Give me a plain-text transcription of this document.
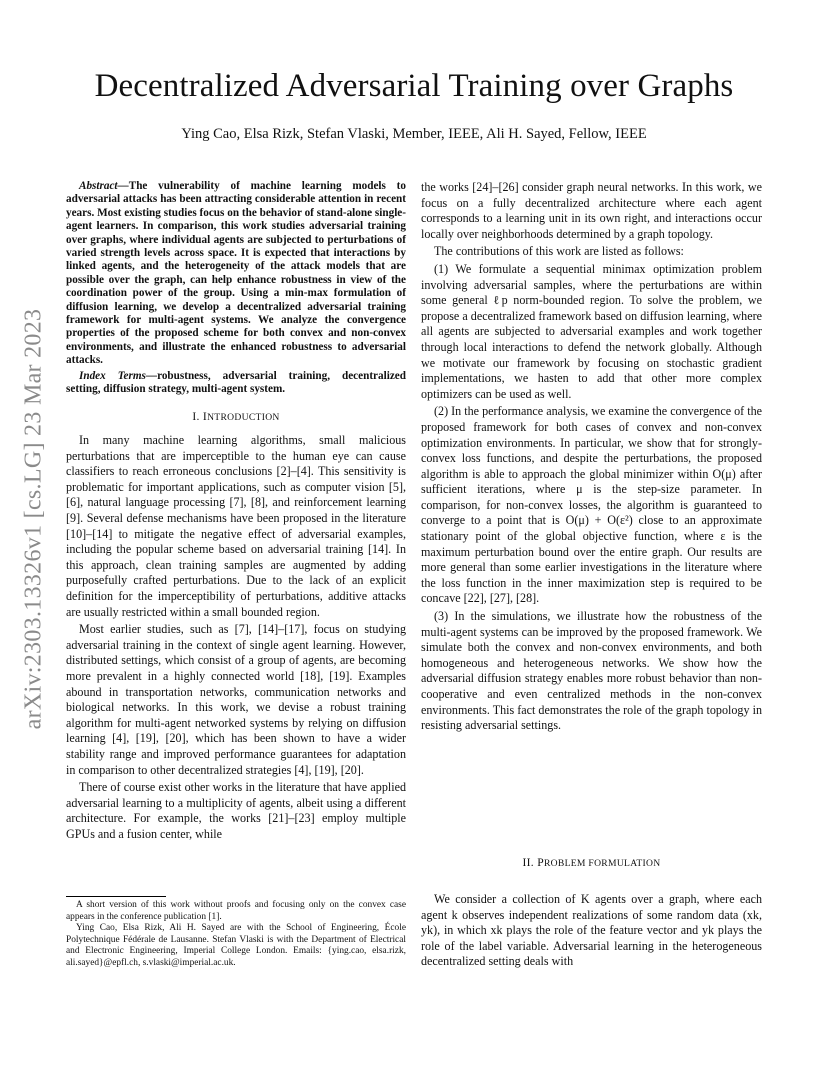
Decentralized Adversarial Training over Graphs
Ying Cao, Elsa Rizk, Stefan Vlaski, Member, IEEE, Ali H. Sayed, Fellow, IEEE
arXiv:2303.13326v1 [cs.LG] 23 Mar 2023

Abstract—The vulnerability of machine learning models to adversarial attacks has been attracting considerable attention in recent years. Most existing studies focus on the behavior of stand-alone single-agent learners. In comparison, this work studies adversarial training over graphs, where individual agents are subjected to perturbations of varied strength levels across space. It is expected that interactions by linked agents, and the heterogeneity of the attack models that are possible over the graph, can help enhance robustness in view of the coordination power of the group. Using a min-max formulation of diffusion learning, we develop a decentralized adversarial training framework for multi-agent systems. We analyze the convergence properties of the proposed scheme for both convex and non-convex environments, and illustrate the enhanced robustness to adversarial attacks.

Index Terms—robustness, adversarial training, decentralized setting, diffusion strategy, multi-agent system.

I. INTRODUCTION

In many machine learning algorithms, small malicious perturbations that are imperceptible to the human eye can cause classifiers to reach erroneous conclusions [2]–[4]. This sensitivity is problematic for important applications, such as computer vision [5], [6], natural language processing [7], [8], and reinforcement learning [9]. Several defense mechanisms have been proposed in the literature [10]–[14] to mitigate the negative effect of adversarial examples, including the popular scheme based on adversarial training [14]. In this approach, clean training samples are augmented by adding purposefully crafted perturbations. Due to the lack of an explicit definition for the imperceptibility of perturbations, additive attacks are usually restricted within a small bounded region.

Most earlier studies, such as [7], [14]–[17], focus on studying adversarial training in the context of single agent learning. However, distributed settings, which consist of a group of agents, are becoming more prevalent in a highly connected world [18], [19]. Examples abound in transportation networks, communication networks and biological networks. In this work, we devise a robust training algorithm for multi-agent networked systems by relying on diffusion learning [4], [19], [20], which has been shown to have a wider stability range and improved performance guarantees for adaptation in comparison to other decentralized strategies [4], [19], [20].

There of course exist other works in the literature that have applied adversarial learning to a multiplicity of agents, albeit using a different architecture. For example, the works [21]–[23] employ multiple GPUs and a fusion center, while

A short version of this work without proofs and focusing only on the convex case appears in the conference publication [1].

Ying Cao, Elsa Rizk, Ali H. Sayed are with the School of Engineering, École Polytechnique Fédérale de Lausanne. Stefan Vlaski is with the Department of Electrical and Electronic Engineering, Imperial College London. Emails: {ying.cao, elsa.rizk, ali.sayed}@epfl.ch, s.vlaski@imperial.ac.uk.

the works [24]–[26] consider graph neural networks. In this work, we focus on a fully decentralized architecture where each agent corresponds to a learning unit in its own right, and interactions occur locally over neighborhoods determined by a graph topology.

The contributions of this work are listed as follows:

(1) We formulate a sequential minimax optimization problem involving adversarial samples, where the perturbations are within some general ℓp norm-bounded region. To solve the problem, we propose a decentralized framework based on diffusion learning, where all agents are subjected to adversarial examples and work together through local interactions to defend the network globally. Although we motivate our framework by focusing on stochastic gradient implementations, we hasten to add that other more complex optimizers can be used as well.

(2) In the performance analysis, we examine the convergence of the proposed framework for both cases of convex and non-convex optimization environments. In particular, we show that for strongly-convex loss functions, and despite the perturbations, the proposed algorithm is able to approach the global minimizer within O(μ) after sufficient iterations, where μ is the step-size parameter. In comparison, for non-convex losses, the algorithm is guaranteed to converge to a point that is O(μ) + O(ε²) close to an approximate stationary point of the global objective function, where ε is the maximum perturbation bound over the entire graph. Our results are more general than some earlier investigations in the literature where the loss function in the inner maximization step is required to be concave [22], [27], [28].

(3) In the simulations, we illustrate how the robustness of the multi-agent systems can be improved by the proposed framework. We simulate both the convex and non-convex environments, and both homogeneous and heterogeneous networks. We show how the adversarial diffusion strategy enables more robust behavior than non-cooperative and even centralized methods in the non-convex environments. This fact demonstrates the role of the graph topology in resisting adversarial settings.

II. PROBLEM FORMULATION

We consider a collection of K agents over a graph, where each agent k observes independent realizations of some random data (xk, yk), in which xk plays the role of the feature vector and yk plays the role of the label variable. Adversarial learning in the heterogeneous decentralized setting deals with
